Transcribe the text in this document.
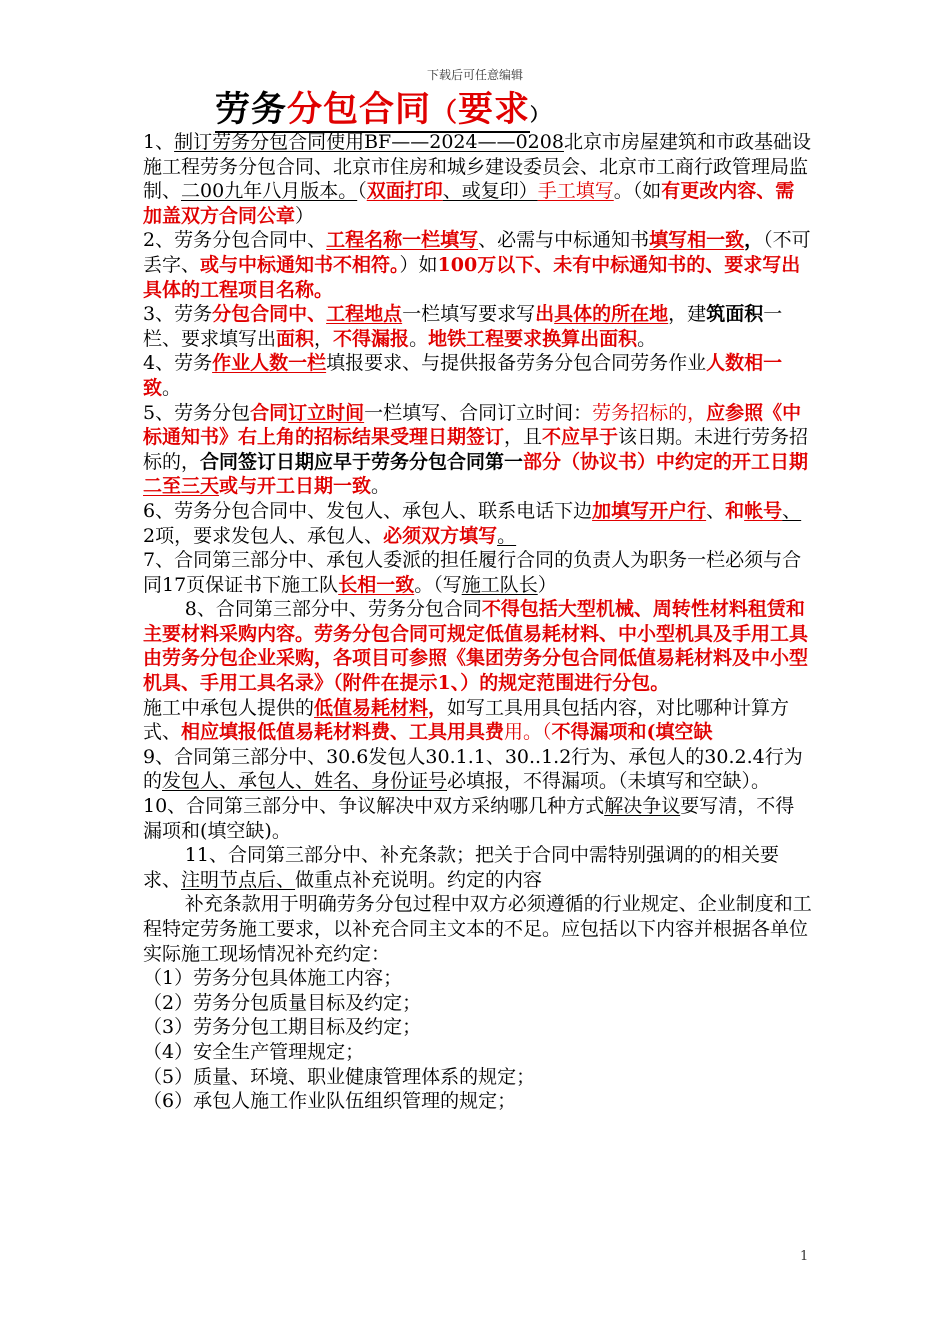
下载后可任意编辑
劳务分包合同（要求）

1、制订劳务分包合同使用BF——2024——0208北京市房屋建筑和市政基础设施工程劳务分包合同、北京市住房和城乡建设委员会、北京市工商行政管理局监制、二00九年八月版本。（双面打印、或复印）手工填写。（如有更改内容、需加盖双方合同公章）

2、劳务分包合同中、工程名称一栏填写、必需与中标通知书填写相一致，（不可丢字、或与中标通知书不相符。）如100万以下、未有中标通知书的、要求写出具体的工程项目名称。

3、劳务分包合同中、工程地点一栏填写要求写出具体的所在地，建筑面积一栏、要求填写出面积，不得漏报。地铁工程要求换算出面积。

4、劳务作业人数一栏填报要求、与提供报备劳务分包合同劳务作业人数相一致。

5、劳务分包合同订立时间一栏填写、合同订立时间：劳务招标的，应参照《中标通知书》右上角的招标结果受理日期签订，且不应早于该日期。未进行劳务招标的，合同签订日期应早于劳务分包合同第一部分（协议书）中约定的开工日期二至三天或与开工日期一致。

6、劳务分包合同中、发包人、承包人、联系电话下边加填写开户行、和帐号、2项，要求发包人、承包人、必须双方填写。

7、合同第三部分中、承包人委派的担任履行合同的负责人为职务一栏必须与合同17页保证书下施工队长相一致。（写施工队长）

8、合同第三部分中、劳务分包合同不得包括大型机械、周转性材料租赁和主要材料采购内容。劳务分包合同可规定低值易耗材料、中小型机具及手用工具由劳务分包企业采购，各项目可参照《集团劳务分包合同低值易耗材料及中小型机具、手用工具名录》（附件在提示1、）的规定范围进行分包。

施工中承包人提供的低值易耗材料，如写工具用具包括内容，对比哪种计算方式、相应填报低值易耗材料费、工具用具费用。（不得漏项和(填空缺

9、合同第三部分中、30.6发包人30.1.1、30..1.2行为、承包人的30.2.4行为的发包人、承包人、姓名、身份证号必填报，不得漏项。（未填写和空缺）。

10、合同第三部分中、争议解决中双方采纳哪几种方式解决争议要写清，不得漏项和(填空缺)。

11、合同第三部分中、补充条款；把关于合同中需特别强调的的相关要求、注明节点后、做重点补充说明。约定的内容

补充条款用于明确劳务分包过程中双方必须遵循的行业规定、企业制度和工程特定劳务施工要求，以补充合同主文本的不足。应包括以下内容并根据各单位实际施工现场情况补充约定：

（1）劳务分包具体施工内容；

（2）劳务分包质量目标及约定；

（3）劳务分包工期目标及约定；

（4）安全生产管理规定；

（5）质量、环境、职业健康管理体系的规定；

（6）承包人施工作业队伍组织管理的规定；

1
